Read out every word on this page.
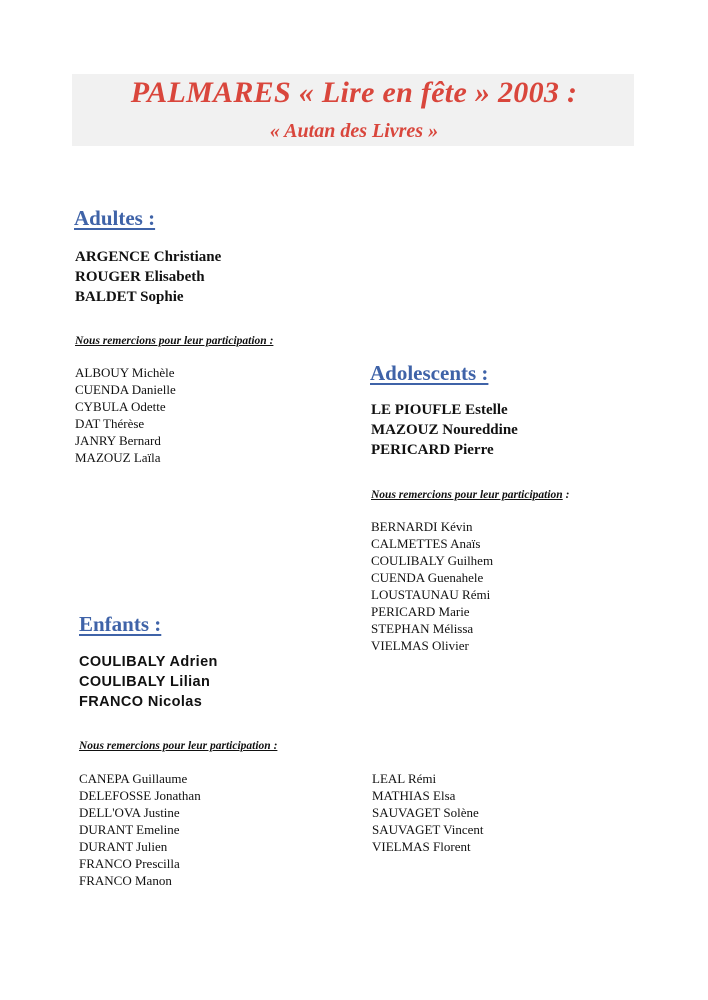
PALMARES « Lire en fête » 2003 :
« Autan des Livres »
Adultes :
ARGENCE Christiane
ROUGER Elisabeth
BALDET Sophie
Nous remercions pour leur participation :
ALBOUY Michèle
CUENDA Danielle
CYBULA Odette
DAT Thérèse
JANRY Bernard
MAZOUZ Laïla
Adolescents :
LE PIOUFLE Estelle
MAZOUZ Noureddine
PERICARD Pierre
Nous remercions pour leur participation :
BERNARDI Kévin
CALMETTES Anaïs
COULIBALY Guilhem
CUENDA Guenahele
LOUSTAUNAU Rémi
PERICARD Marie
STEPHAN Mélissa
VIELMAS Olivier
Enfants :
COULIBALY Adrien
COULIBALY Lilian
FRANCO Nicolas
Nous remercions pour leur participation :
CANEPA Guillaume
DELEFOSSE Jonathan
DELL'OVA Justine
DURANT Emeline
DURANT Julien
FRANCO Prescilla
FRANCO Manon
LEAL Rémi
MATHIAS Elsa
SAUVAGET Solène
SAUVAGET Vincent
VIELMAS Florent
